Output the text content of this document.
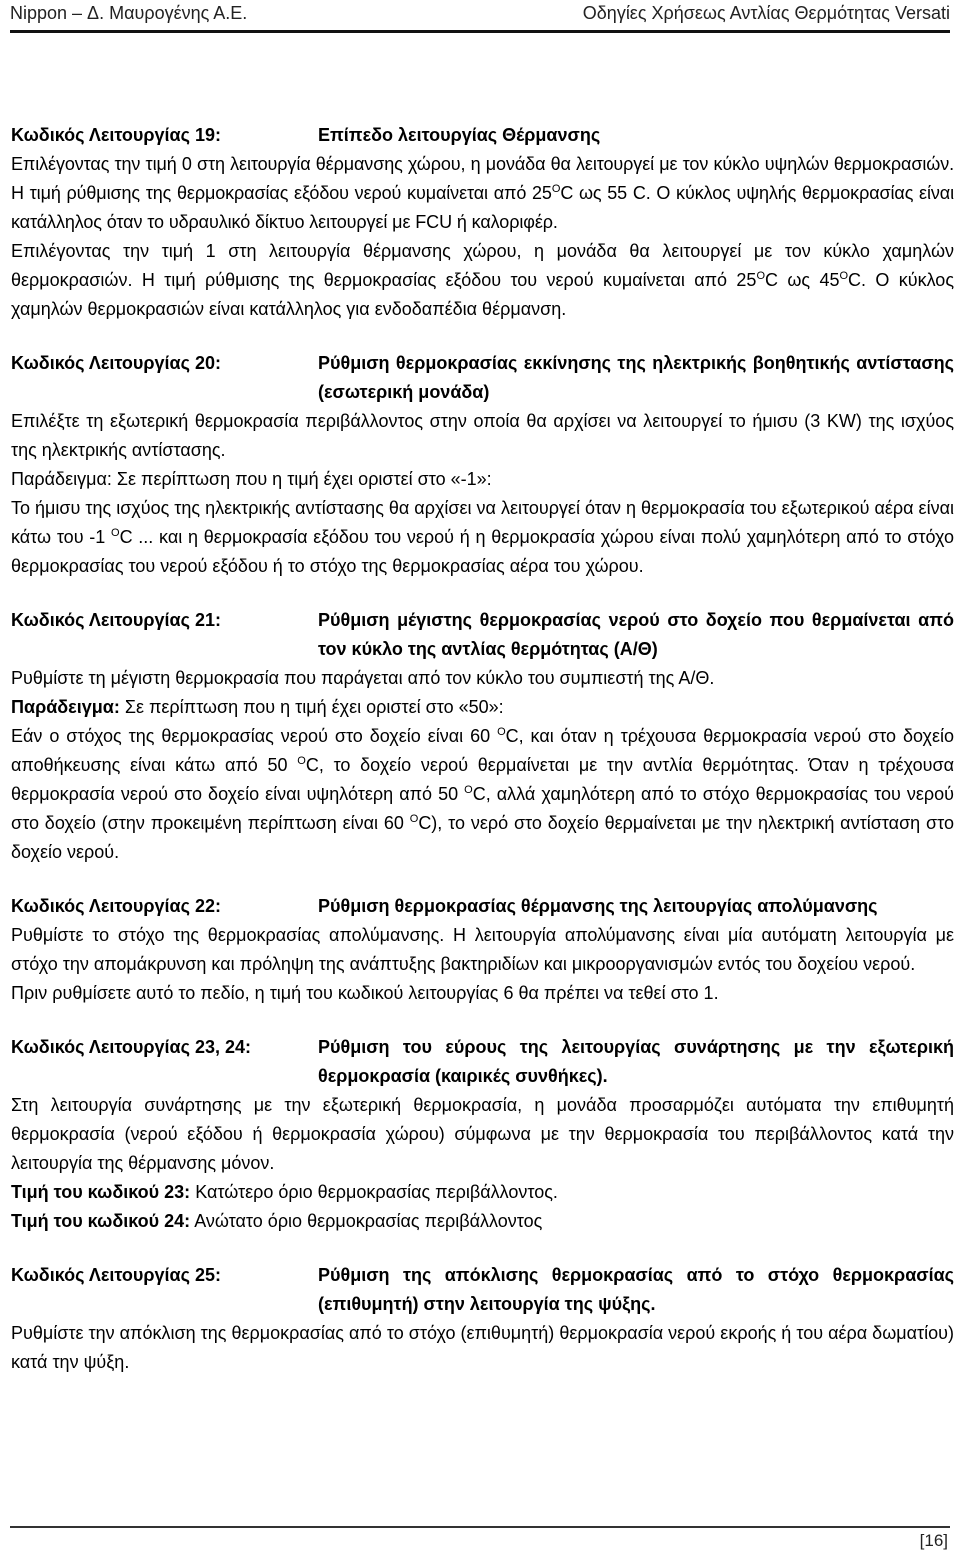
Nippon – Δ. Μαυρογένης Α.Ε.	Οδηγίες Χρήσεως Αντλίας Θερμότητας Versati
Κωδικός Λειτουργίας 19:	Επίπεδο λειτουργίας Θέρμανσης

Επιλέγοντας την τιμή 0 στη λειτουργία θέρμανσης χώρου, η μονάδα θα λειτουργεί με τον κύκλο υψηλών θερμοκρασιών. Η τιμή ρύθμισης της θερμοκρασίας εξόδου νερού κυμαίνεται από $25^OC$ ως 55 C. Ο κύκλος υψηλής θερμοκρασίας είναι κατάλληλος όταν το υδραυλικό δίκτυο λειτουργεί με FCU ή καλοριφέρ.

Επιλέγοντας την τιμή 1 στη λειτουργία θέρμανσης χώρου, η μονάδα θα λειτουργεί με τον κύκλο χαμηλών θερμοκρασιών. Η τιμή ρύθμισης της θερμοκρασίας εξόδου του νερού κυμαίνεται από $25^OC$ ως $45^OC$. Ο κύκλος χαμηλών θερμοκρασιών είναι κατάλληλος για ενδοδαπέδια θέρμανση.

Κωδικός Λειτουργίας 20:	Ρύθμιση θερμοκρασίας εκκίνησης της ηλεκτρικής βοηθητικής αντίστασης (εσωτερική μονάδα)

Επιλέξτε τη εξωτερική θερμοκρασία περιβάλλοντος στην οποία θα αρχίσει να λειτουργεί το ήμισυ (3 KW) της ισχύος της ηλεκτρικής αντίστασης.

Παράδειγμα: Σε περίπτωση που η τιμή έχει οριστεί στο «-1»:

Το ήμισυ της ισχύος της ηλεκτρικής αντίστασης θα αρχίσει να λειτουργεί όταν η θερμοκρασία του εξωτερικού αέρα είναι κάτω του -1 $^O$C ... και η θερμοκρασία εξόδου του νερού ή η θερμοκρασία χώρου είναι πολύ χαμηλότερη από το στόχο θερμοκρασίας του νερού εξόδου ή το στόχο της θερμοκρασίας αέρα του χώρου.

Κωδικός Λειτουργίας 21:	Ρύθμιση μέγιστης θερμοκρασίας νερού στο δοχείο που θερμαίνεται από τον κύκλο της αντλίας θερμότητας (Α/Θ)

Ρυθμίστε τη μέγιστη θερμοκρασία που παράγεται από τον κύκλο του συμπιεστή της Α/Θ.

Παράδειγμα: Σε περίπτωση που η τιμή έχει οριστεί στο «50»:

Εάν ο στόχος της θερμοκρασίας νερού στο δοχείο είναι 60 $^O$C, και όταν η τρέχουσα θερμοκρασία νερού στο δοχείο αποθήκευσης είναι κάτω από 50 $^O$C, το δοχείο νερού θερμαίνεται με την αντλία θερμότητας. Όταν η τρέχουσα θερμοκρασία νερού στο δοχείο είναι υψηλότερη από 50 $^O$C, αλλά χαμηλότερη από το στόχο θερμοκρασίας του νερού στο δοχείο (στην προκειμένη περίπτωση είναι 60 $^O$C), το νερό στο δοχείο θερμαίνεται με την ηλεκτρική αντίσταση στο δοχείο νερού.

Κωδικός Λειτουργίας 22:	Ρύθμιση θερμοκρασίας θέρμανσης της λειτουργίας απολύμανσης

Ρυθμίστε το στόχο της θερμοκρασίας απολύμανσης. Η λειτουργία απολύμανσης είναι μία αυτόματη λειτουργία με στόχο την απομάκρυνση και πρόληψη της ανάπτυξης βακτηριδίων και μικροοργανισμών εντός του δοχείου νερού.

Πριν ρυθμίσετε αυτό το πεδίο, η τιμή του κωδικού λειτουργίας 6 θα πρέπει να τεθεί στο 1.

Κωδικός Λειτουργίας 23, 24:	Ρύθμιση του εύρους της λειτουργίας συνάρτησης με την εξωτερική θερμοκρασία (καιρικές συνθήκες).

Στη λειτουργία συνάρτησης με την εξωτερική θερμοκρασία, η μονάδα προσαρμόζει αυτόματα την επιθυμητή θερμοκρασία (νερού εξόδου ή θερμοκρασία χώρου) σύμφωνα με την θερμοκρασία του περιβάλλοντος κατά την λειτουργία της θέρμανσης μόνον.

Τιμή του κωδικού 23: Κατώτερο όριο θερμοκρασίας περιβάλλοντος.

Τιμή του κωδικού 24: Ανώτατο όριο θερμοκρασίας περιβάλλοντος

Κωδικός Λειτουργίας 25:	Ρύθμιση της απόκλισης θερμοκρασίας από το στόχο θερμοκρασίας (επιθυμητή) στην λειτουργία της ψύξης.

Ρυθμίστε την απόκλιση της θερμοκρασίας από το στόχο (επιθυμητή) θερμοκρασία νερού εκροής ή του αέρα δωματίου) κατά την ψύξη.

[16]
